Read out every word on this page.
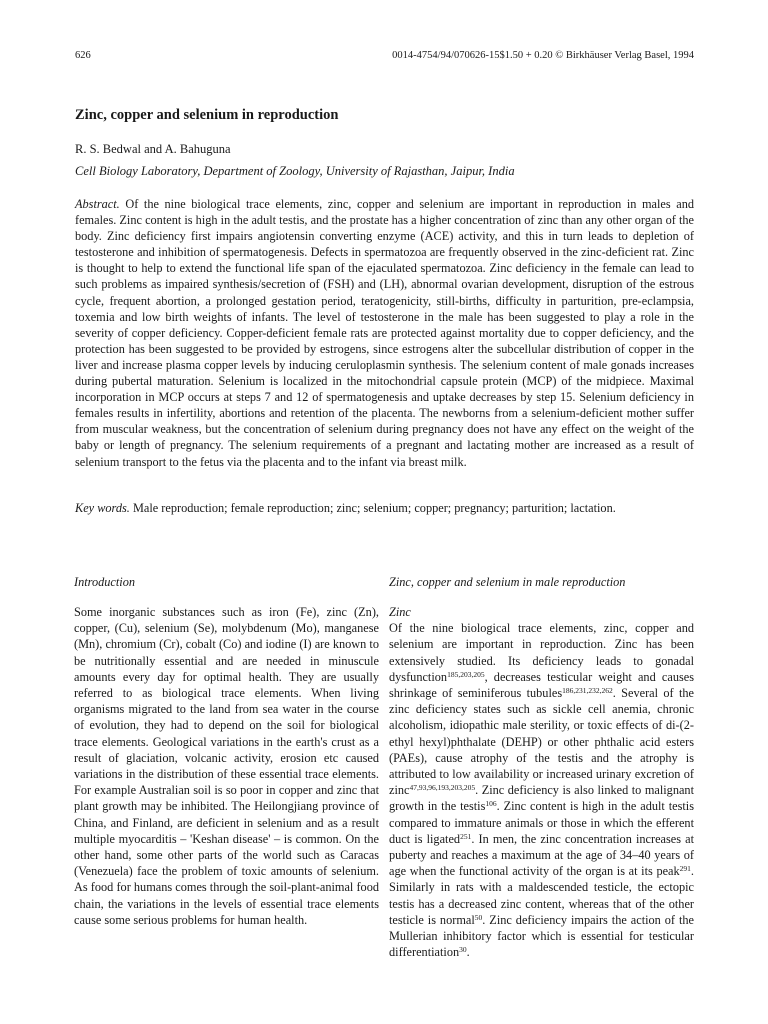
626	0014-4754/94/070626-15$1.50 + 0.20 © Birkhäuser Verlag Basel, 1994
Zinc, copper and selenium in reproduction
R. S. Bedwal and A. Bahuguna
Cell Biology Laboratory, Department of Zoology, University of Rajasthan, Jaipur, India
Abstract. Of the nine biological trace elements, zinc, copper and selenium are important in reproduction in males and females. Zinc content is high in the adult testis, and the prostate has a higher concentration of zinc than any other organ of the body. Zinc deficiency first impairs angiotensin converting enzyme (ACE) activity, and this in turn leads to depletion of testosterone and inhibition of spermatogenesis. Defects in spermatozoa are frequently observed in the zinc-deficient rat. Zinc is thought to help to extend the functional life span of the ejaculated spermatozoa. Zinc deficiency in the female can lead to such problems as impaired synthesis/secretion of (FSH) and (LH), abnormal ovarian development, disruption of the estrous cycle, frequent abortion, a prolonged gestation period, teratogenicity, still-births, difficulty in parturition, pre-eclampsia, toxemia and low birth weights of infants. The level of testosterone in the male has been suggested to play a role in the severity of copper deficiency. Copper-deficient female rats are protected against mortality due to copper deficiency, and the protection has been suggested to be provided by estrogens, since estrogens alter the subcellular distribution of copper in the liver and increase plasma copper levels by inducing ceruloplasmin synthesis. The selenium content of male gonads increases during pubertal maturation. Selenium is localized in the mitochondrial capsule protein (MCP) of the midpiece. Maximal incorporation in MCP occurs at steps 7 and 12 of spermatogenesis and uptake decreases by step 15. Selenium deficiency in females results in infertility, abortions and retention of the placenta. The newborns from a selenium-deficient mother suffer from muscular weakness, but the concentration of selenium during pregnancy does not have any effect on the weight of the baby or length of pregnancy. The selenium requirements of a pregnant and lactating mother are increased as a result of selenium transport to the fetus via the placenta and to the infant via breast milk.
Key words. Male reproduction; female reproduction; zinc; selenium; copper; pregnancy; parturition; lactation.

Introduction

Some inorganic substances such as iron (Fe), zinc (Zn), copper, (Cu), selenium (Se), molybdenum (Mo), manganese (Mn), chromium (Cr), cobalt (Co) and iodine (I) are known to be nutritionally essential and are needed in minuscule amounts every day for optimal health. They are usually referred to as biological trace elements. When living organisms migrated to the land from sea water in the course of evolution, they had to depend on the soil for biological trace elements. Geological variations in the earth's crust as a result of glaciation, volcanic activity, erosion etc caused variations in the distribution of these essential trace elements. For example Australian soil is so poor in copper and zinc that plant growth may be inhibited. The Heilongjiang province of China, and Finland, are deficient in selenium and as a result multiple myocarditis – 'Keshan disease' – is common. On the other hand, some other parts of the world such as Caracas (Venezuela) face the problem of toxic amounts of selenium. As food for humans comes through the soil-plant-animal food chain, the variations in the levels of essential trace elements cause some serious problems for human health.

Zinc, copper and selenium in male reproduction

Zinc

Of the nine biological trace elements, zinc, copper and selenium are important in reproduction. Zinc has been extensively studied. Its deficiency leads to gonadal dysfunction$^{185,203,205}$, decreases testicular weight and causes shrinkage of seminiferous tubules$^{186,231,232,262}$. Several of the zinc deficiency states such as sickle cell anemia, chronic alcoholism, idiopathic male sterility, or toxic effects of di-(2-ethyl hexyl)phthalate (DEHP) or other phthalic acid esters (PAEs), cause atrophy of the testis and the atrophy is attributed to low availability or increased urinary excretion of zinc$^{47,93,96,193,203,205}$. Zinc deficiency is also linked to malignant growth in the testis$^{106}$. Zinc content is high in the adult testis compared to immature animals or those in which the efferent duct is ligated$^{251}$. In men, the zinc concentration increases at puberty and reaches a maximum at the age of 34–40 years of age when the functional activity of the organ is at its peak$^{291}$. Similarly in rats with a maldescended testicle, the ectopic testis has a decreased zinc content, whereas that of the other testicle is normal$^{50}$. Zinc deficiency impairs the action of the Mullerian inhibitory factor which is essential for testicular differentiation$^{30}$.
